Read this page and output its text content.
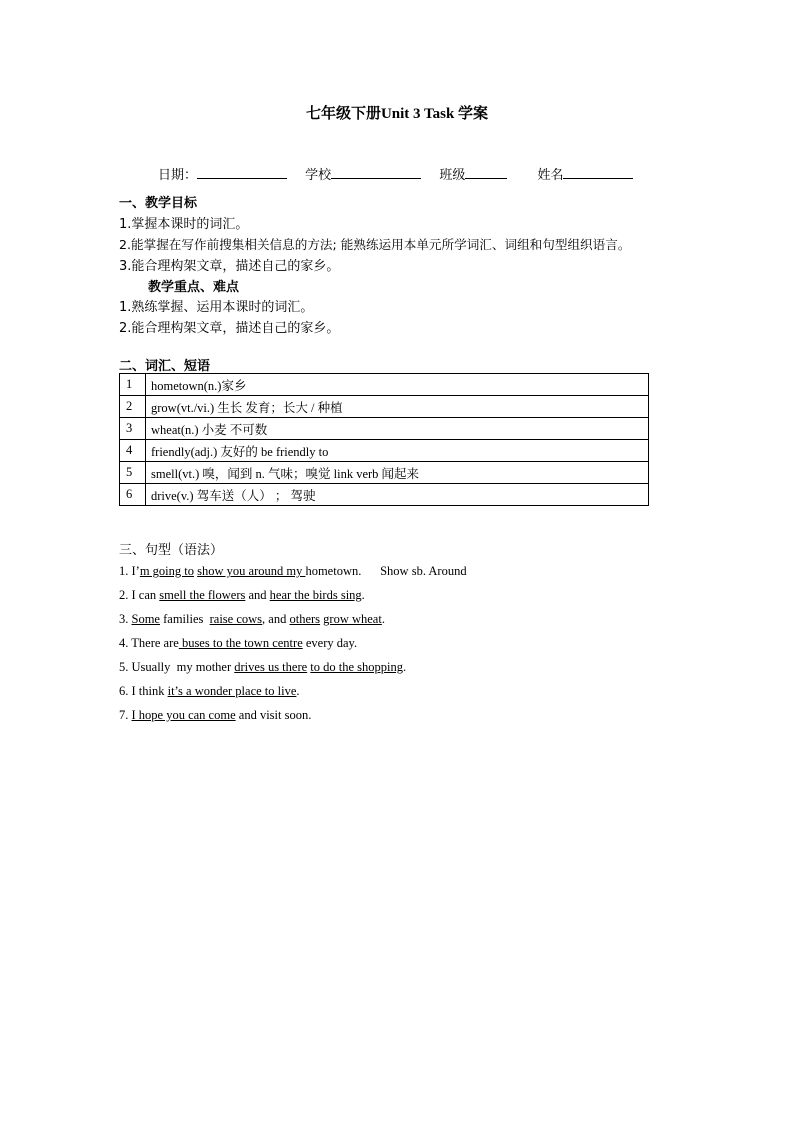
七年级下册Unit 3 Task 学案
日期：	学校	班级	姓名
一、教学目标
1.掌握本课时的词汇。
2.能掌握在写作前搜集相关信息的方法; 能熟练运用本单元所学词汇、词组和句型组织语言。
3.能合理构架文章，描述自己的家乡。
教学重点、难点
1.熟练掌握、运用本课时的词汇。
2.能合理构架文章，描述自己的家乡。
二、词汇、短语
1	hometown(n.)家乡
2	grow(vt./vi.) 生长 发育；长大 / 种植
3	wheat(n.) 小麦 不可数
4	friendly(adj.) 友好的 be friendly to
5	smell(vt.) 嗅，闻到 n. 气味；嗅觉 link verb 闻起来
6	drive(v.) 驾车送（人） ； 驾驶
三、句型（语法）
1. I’m going to show you around my hometown.      Show sb. Around
2. I can smell the flowers and hear the birds sing.
3. Some families  raise cows, and others grow wheat.
4. There are buses to the town centre every day.
5. Usually  my mother drives us there to do the shopping.
6. I think it’s a wonder place to live.
7. I hope you can come and visit soon.
